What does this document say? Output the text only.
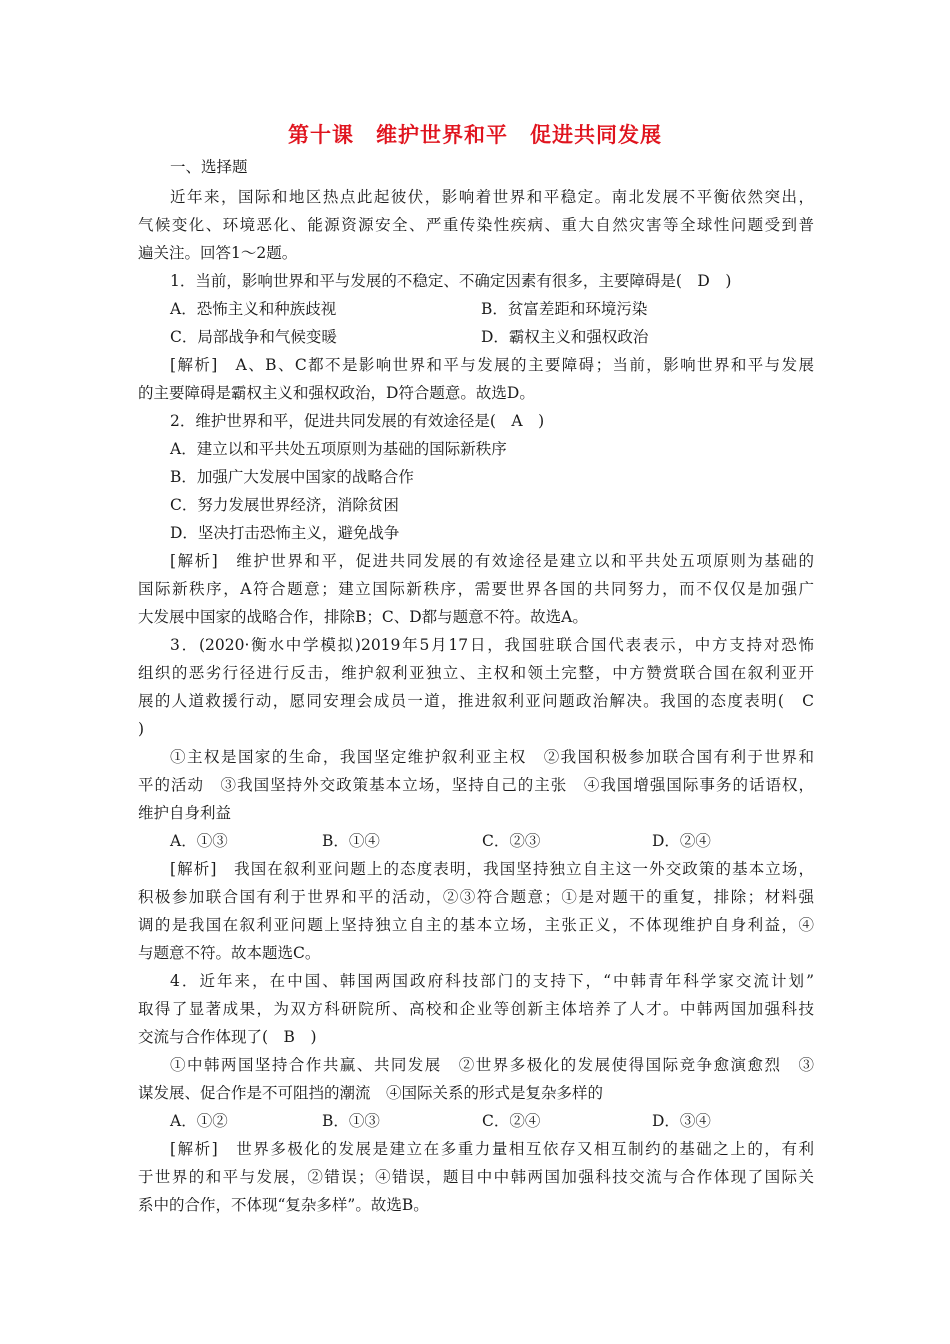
第十课　维护世界和平　促进共同发展
一、选择题
近年来，国际和地区热点此起彼伏，影响着世界和平稳定。南北发展不平衡依然突出，
气候变化、环境恶化、能源资源安全、严重传染性疾病、重大自然灾害等全球性问题受到普
遍关注。回答1～2题。
1．当前，影响世界和平与发展的不稳定、不确定因素有很多，主要障碍是(　D　)
A．恐怖主义和种族歧视	B．贫富差距和环境污染
C．局部战争和气候变暖	D．霸权主义和强权政治
[解析]　A、B、C都不是影响世界和平与发展的主要障碍；当前，影响世界和平与发展
的主要障碍是霸权主义和强权政治，D符合题意。故选D。
2．维护世界和平，促进共同发展的有效途径是(　A　)
A．建立以和平共处五项原则为基础的国际新秩序
B．加强广大发展中国家的战略合作
C．努力发展世界经济，消除贫困
D．坚决打击恐怖主义，避免战争
[解析]　维护世界和平，促进共同发展的有效途径是建立以和平共处五项原则为基础的
国际新秩序，A符合题意；建立国际新秩序，需要世界各国的共同努力，而不仅仅是加强广
大发展中国家的战略合作，排除B；C、D都与题意不符。故选A。
3．(2020·衡水中学模拟)2019年5月17日，我国驻联合国代表表示，中方支持对恐怖
组织的恶劣行径进行反击，维护叙利亚独立、主权和领土完整，中方赞赏联合国在叙利亚开
展的人道救援行动，愿同安理会成员一道，推进叙利亚问题政治解决。我国的态度表明(　C
)
①主权是国家的生命，我国坚定维护叙利亚主权　②我国积极参加联合国有利于世界和
平的活动　③我国坚持外交政策基本立场，坚持自己的主张　④我国增强国际事务的话语权，
维护自身利益
A．①③	B．①④	C．②③	D．②④
[解析]　我国在叙利亚问题上的态度表明，我国坚持独立自主这一外交政策的基本立场，
积极参加联合国有利于世界和平的活动，②③符合题意；①是对题干的重复，排除；材料强
调的是我国在叙利亚问题上坚持独立自主的基本立场，主张正义，不体现维护自身利益，④
与题意不符。故本题选C。
4．近年来，在中国、韩国两国政府科技部门的支持下，“中韩青年科学家交流计划”
取得了显著成果，为双方科研院所、高校和企业等创新主体培养了人才。中韩两国加强科技
交流与合作体现了(　B　)
①中韩两国坚持合作共赢、共同发展　②世界多极化的发展使得国际竞争愈演愈烈　③
谋发展、促合作是不可阻挡的潮流　④国际关系的形式是复杂多样的
A．①②	B．①③	C．②④	D．③④
[解析]　世界多极化的发展是建立在多重力量相互依存又相互制约的基础之上的，有利
于世界的和平与发展，②错误；④错误，题目中中韩两国加强科技交流与合作体现了国际关
系中的合作，不体现“复杂多样”。故选B。
